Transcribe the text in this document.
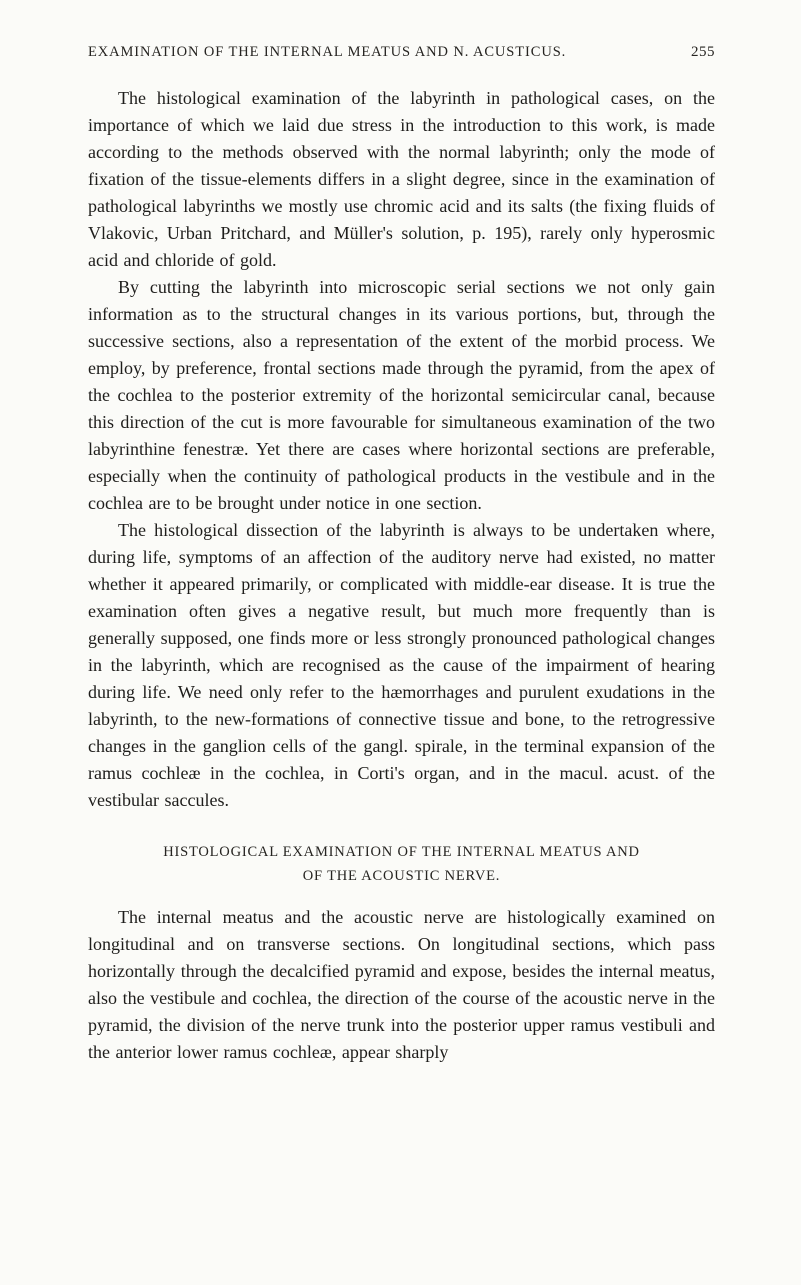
EXAMINATION OF THE INTERNAL MEATUS AND N. ACUSTICUS.	255

The histological examination of the labyrinth in pathological cases, on the importance of which we laid due stress in the introduction to this work, is made according to the methods observed with the normal labyrinth; only the mode of fixation of the tissue-elements differs in a slight degree, since in the examination of pathological labyrinths we mostly use chromic acid and its salts (the fixing fluids of Vlakovic, Urban Pritchard, and Müller's solution, p. 195), rarely only hyperosmic acid and chloride of gold.

By cutting the labyrinth into microscopic serial sections we not only gain information as to the structural changes in its various portions, but, through the successive sections, also a representation of the extent of the morbid process. We employ, by preference, frontal sections made through the pyramid, from the apex of the cochlea to the posterior extremity of the horizontal semicircular canal, because this direction of the cut is more favourable for simultaneous examination of the two labyrinthine fenestræ. Yet there are cases where horizontal sections are preferable, especially when the continuity of pathological products in the vestibule and in the cochlea are to be brought under notice in one section.

The histological dissection of the labyrinth is always to be undertaken where, during life, symptoms of an affection of the auditory nerve had existed, no matter whether it appeared primarily, or complicated with middle-ear disease. It is true the examination often gives a negative result, but much more frequently than is generally supposed, one finds more or less strongly pronounced pathological changes in the labyrinth, which are recognised as the cause of the impairment of hearing during life. We need only refer to the hæmorrhages and purulent exudations in the labyrinth, to the new-formations of connective tissue and bone, to the retrogressive changes in the ganglion cells of the gangl. spirale, in the terminal expansion of the ramus cochleæ in the cochlea, in Corti's organ, and in the macul. acust. of the vestibular saccules.

HISTOLOGICAL EXAMINATION OF THE INTERNAL MEATUS AND
OF THE ACOUSTIC NERVE.

The internal meatus and the acoustic nerve are histologically examined on longitudinal and on transverse sections. On longitudinal sections, which pass horizontally through the decalcified pyramid and expose, besides the internal meatus, also the vestibule and cochlea, the direction of the course of the acoustic nerve in the pyramid, the division of the nerve trunk into the posterior upper ramus vestibuli and the anterior lower ramus cochleæ, appear sharply
